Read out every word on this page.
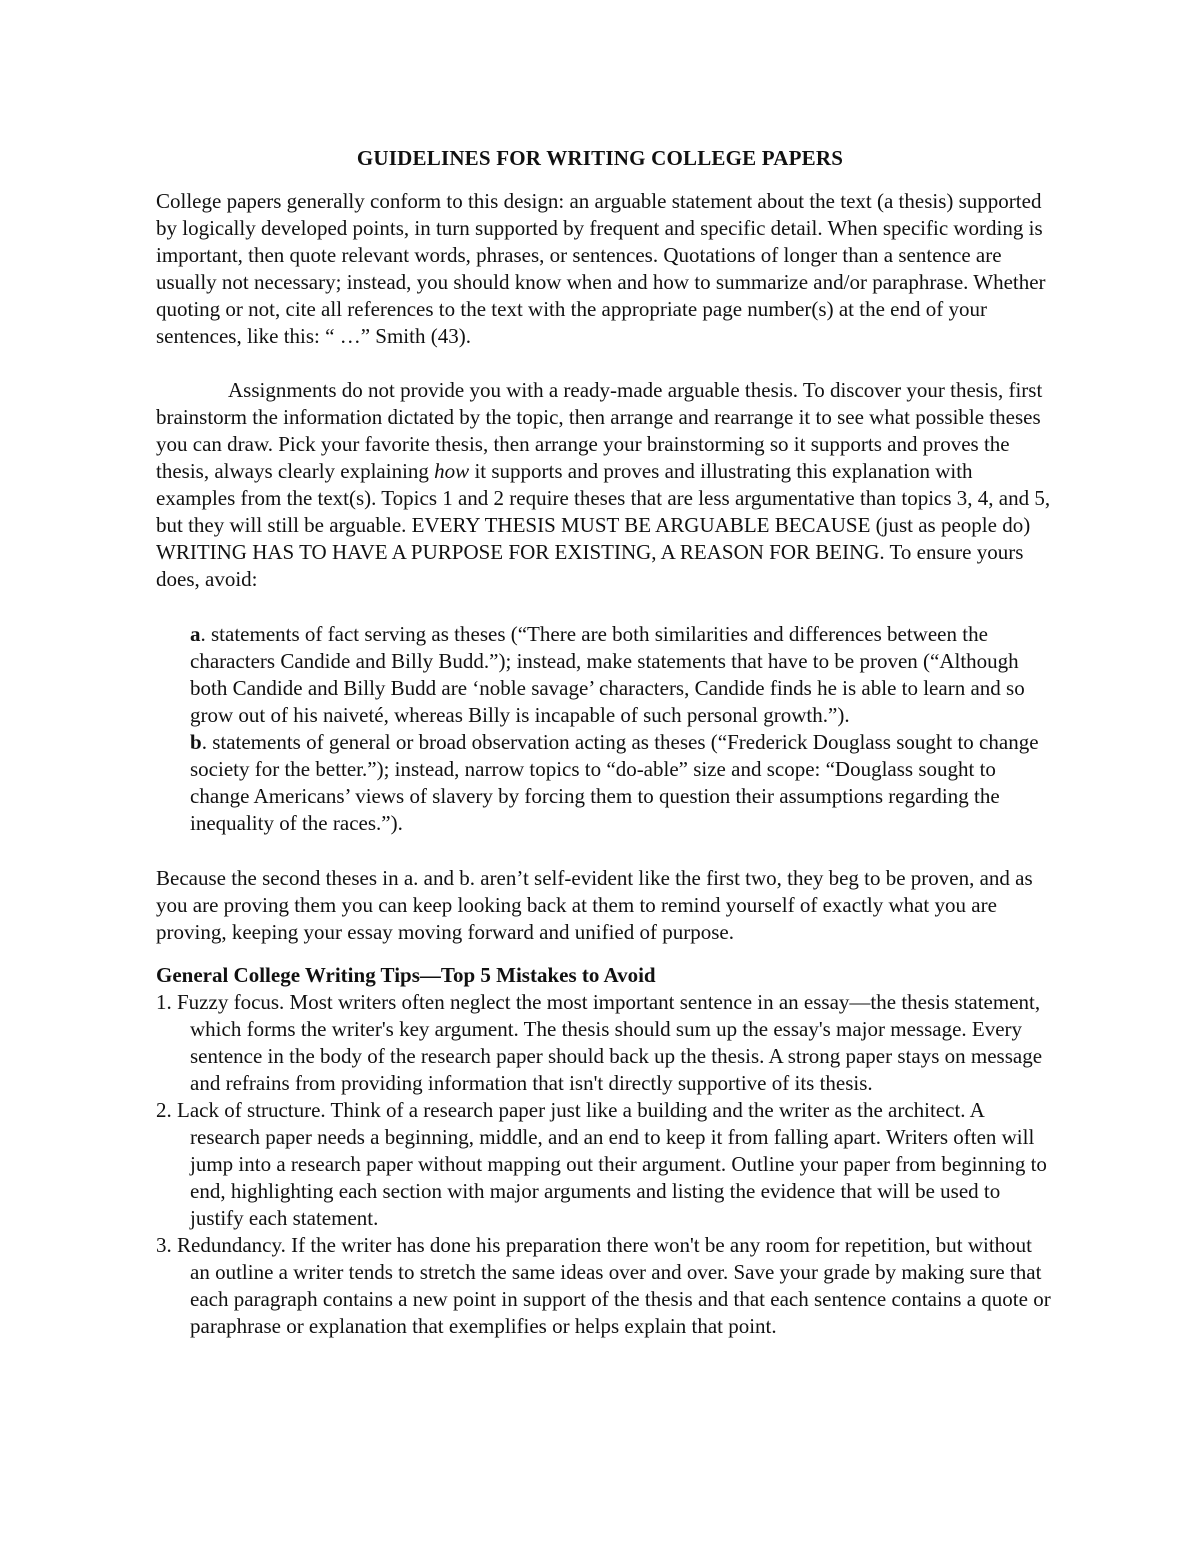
GUIDELINES FOR WRITING COLLEGE PAPERS

College papers generally conform to this design: an arguable statement about the text (a thesis) supported by logically developed points, in turn supported by frequent and specific detail. When specific wording is important, then quote relevant words, phrases, or sentences. Quotations of longer than a sentence are usually not necessary; instead, you should know when and how to summarize and/or paraphrase. Whether quoting or not, cite all references to the text with the appropriate page number(s) at the end of your sentences, like this: “ …” Smith (43).

Assignments do not provide you with a ready-made arguable thesis. To discover your thesis, first brainstorm the information dictated by the topic, then arrange and rearrange it to see what possible theses you can draw. Pick your favorite thesis, then arrange your brainstorming so it supports and proves the thesis, always clearly explaining how it supports and proves and illustrating this explanation with examples from the text(s). Topics 1 and 2 require theses that are less argumentative than topics 3, 4, and 5, but they will still be arguable. EVERY THESIS MUST BE ARGUABLE BECAUSE (just as people do) WRITING HAS TO HAVE A PURPOSE FOR EXISTING, A REASON FOR BEING. To ensure yours does, avoid:

a. statements of fact serving as theses (“There are both similarities and differences between the characters Candide and Billy Budd.”); instead, make statements that have to be proven (“Although both Candide and Billy Budd are ‘noble savage’ characters, Candide finds he is able to learn and so grow out of his naiveté, whereas Billy is incapable of such personal growth.”).

b. statements of general or broad observation acting as theses (“Frederick Douglass sought to change society for the better.”); instead, narrow topics to “do-able” size and scope: “Douglass sought to change Americans’ views of slavery by forcing them to question their assumptions regarding the inequality of the races.”).

Because the second theses in a. and b. aren’t self-evident like the first two, they beg to be proven, and as you are proving them you can keep looking back at them to remind yourself of exactly what you are proving, keeping your essay moving forward and unified of purpose.

General College Writing Tips—Top 5 Mistakes to Avoid

1. Fuzzy focus. Most writers often neglect the most important sentence in an essay—the thesis statement, which forms the writer's key argument. The thesis should sum up the essay's major message. Every sentence in the body of the research paper should back up the thesis. A strong paper stays on message and refrains from providing information that isn't directly supportive of its thesis.

2. Lack of structure. Think of a research paper just like a building and the writer as the architect. A research paper needs a beginning, middle, and an end to keep it from falling apart. Writers often will jump into a research paper without mapping out their argument. Outline your paper from beginning to end, highlighting each section with major arguments and listing the evidence that will be used to justify each statement.

3. Redundancy. If the writer has done his preparation there won't be any room for repetition, but without an outline a writer tends to stretch the same ideas over and over. Save your grade by making sure that each paragraph contains a new point in support of the thesis and that each sentence contains a quote or paraphrase or explanation that exemplifies or helps explain that point.
